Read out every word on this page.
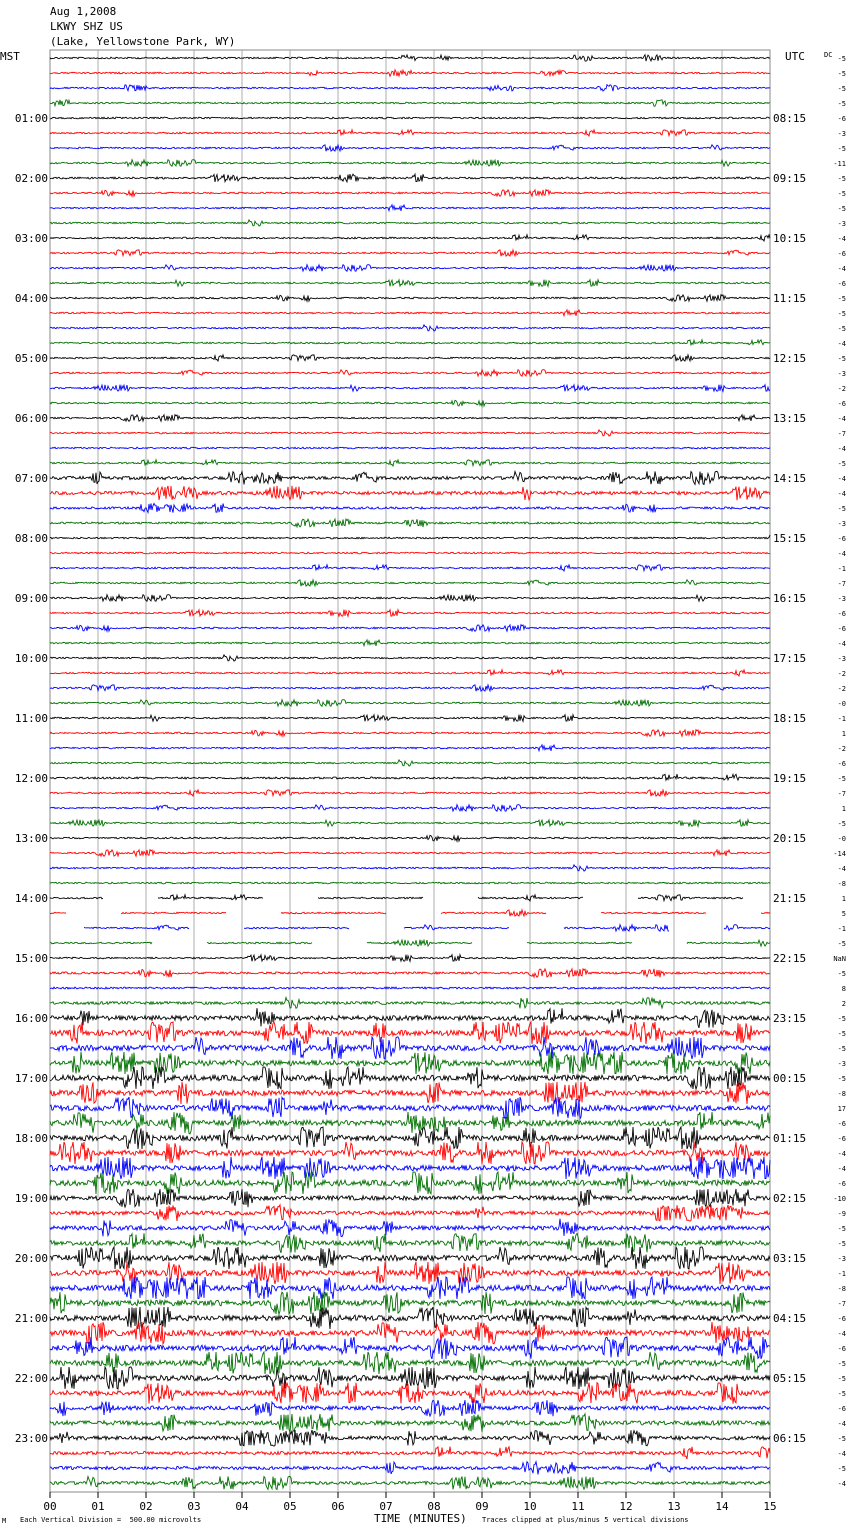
Aug 1,2008
LKWY SHZ US
(Lake, Yellowstone Park, WY)
MST	UTC
01:00
02:00
03:00
04:00
05:00
06:00
07:00
08:00
09:00
10:00
11:00
12:00
13:00
14:00
15:00
16:00
17:00
18:00
19:00
20:00
21:00
22:00
23:00
08:15
09:15
10:15
11:15
12:15
13:15
14:15
15:15
16:15
17:15
18:15
19:15
20:15
21:15
22:15
23:15
00:15
01:15
02:15
03:15
04:15
05:15
06:15
-5
-5
-5
-5
-6
-3
-5
-11
-5
-5
-5
-3
-4
-6
-4
-6
-5
-5
-5
-4
-5
-3
-2
-6
-4
-7
-4
-5
-4
-4
-5
-3
-6
-4
-1
-7
-3
-6
-6
-4
-3
-2
-2
-0
-1
1
-2
-6
-5
-7
1
-5
-0
-14
-4
-8
1
5
-1
-5
NaN
-5
8
2
-5
-5
-5
-3
-5
-8
17
-6
-6
-4
-4
-6
-10
-9
-5
-5
-3
-1
-8
-7
-6
-4
-6
-5
-5
-5
-6
-4
-5
-4
-5
-4
00	01	02	03	04	05	06	07	08	09	10	11	12	13	14	15
DC
M Each Vertical Division =  500.00 microvolts	TIME (MINUTES) Traces clipped at plus/minus 5 vertical divisions
